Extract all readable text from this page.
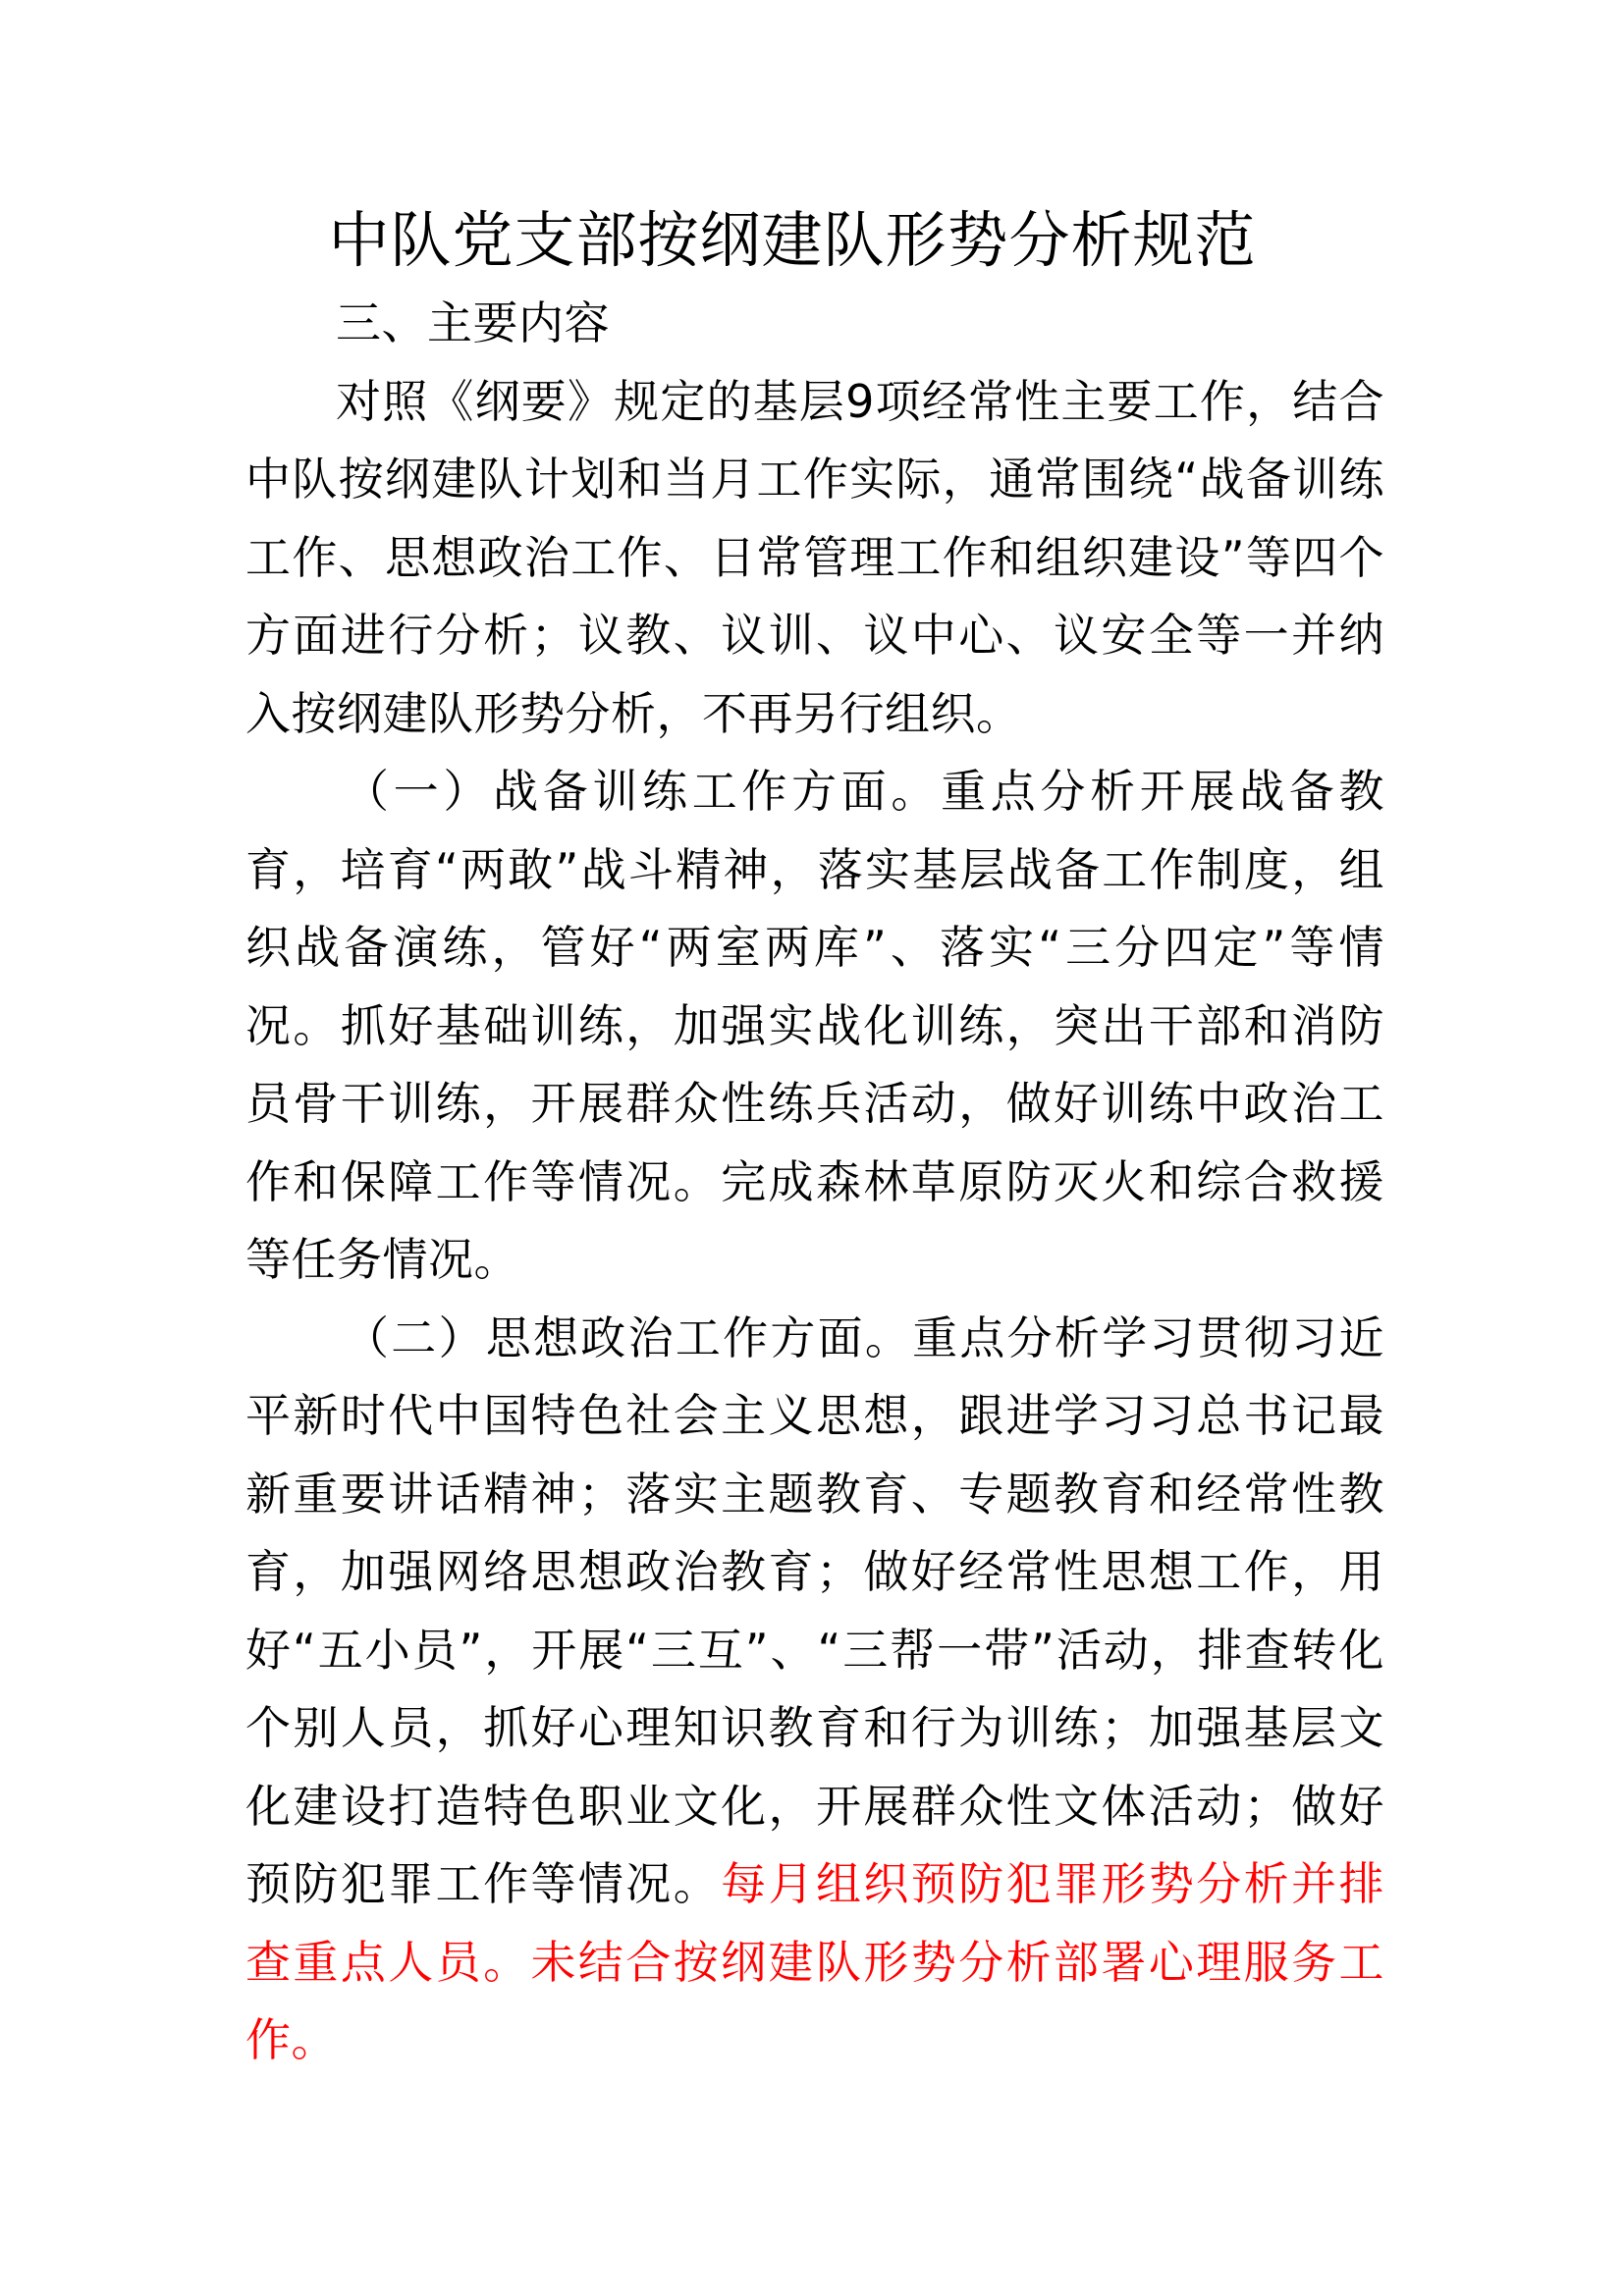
中队党支部按纲建队形势分析规范

三、主要内容

对照《纲要》规定的基层9项经常性主要工作，结合中队按纲建队计划和当月工作实际，通常围绕“战备训练工作、思想政治工作、日常管理工作和组织建设”等四个方面进行分析；议教、议训、议中心、议安全等一并纳入按纲建队形势分析，不再另行组织。

（一）战备训练工作方面。重点分析开展战备教育，培育“两敢”战斗精神，落实基层战备工作制度，组织战备演练，管好“两室两库”、落实“三分四定”等情况。抓好基础训练，加强实战化训练，突出干部和消防员骨干训练，开展群众性练兵活动，做好训练中政治工作和保障工作等情况。完成森林草原防灭火和综合救援等任务情况。

（二）思想政治工作方面。重点分析学习贯彻习近平新时代中国特色社会主义思想，跟进学习习总书记最新重要讲话精神；落实主题教育、专题教育和经常性教育，加强网络思想政治教育；做好经常性思想工作，用好“五小员”，开展“三互”、“三帮一带”活动，排查转化个别人员，抓好心理知识教育和行为训练；加强基层文化建设打造特色职业文化，开展群众性文体活动；做好预防犯罪工作等情况。每月组织预防犯罪形势分析并排查重点人员。未结合按纲建队形势分析部署心理服务工作。
